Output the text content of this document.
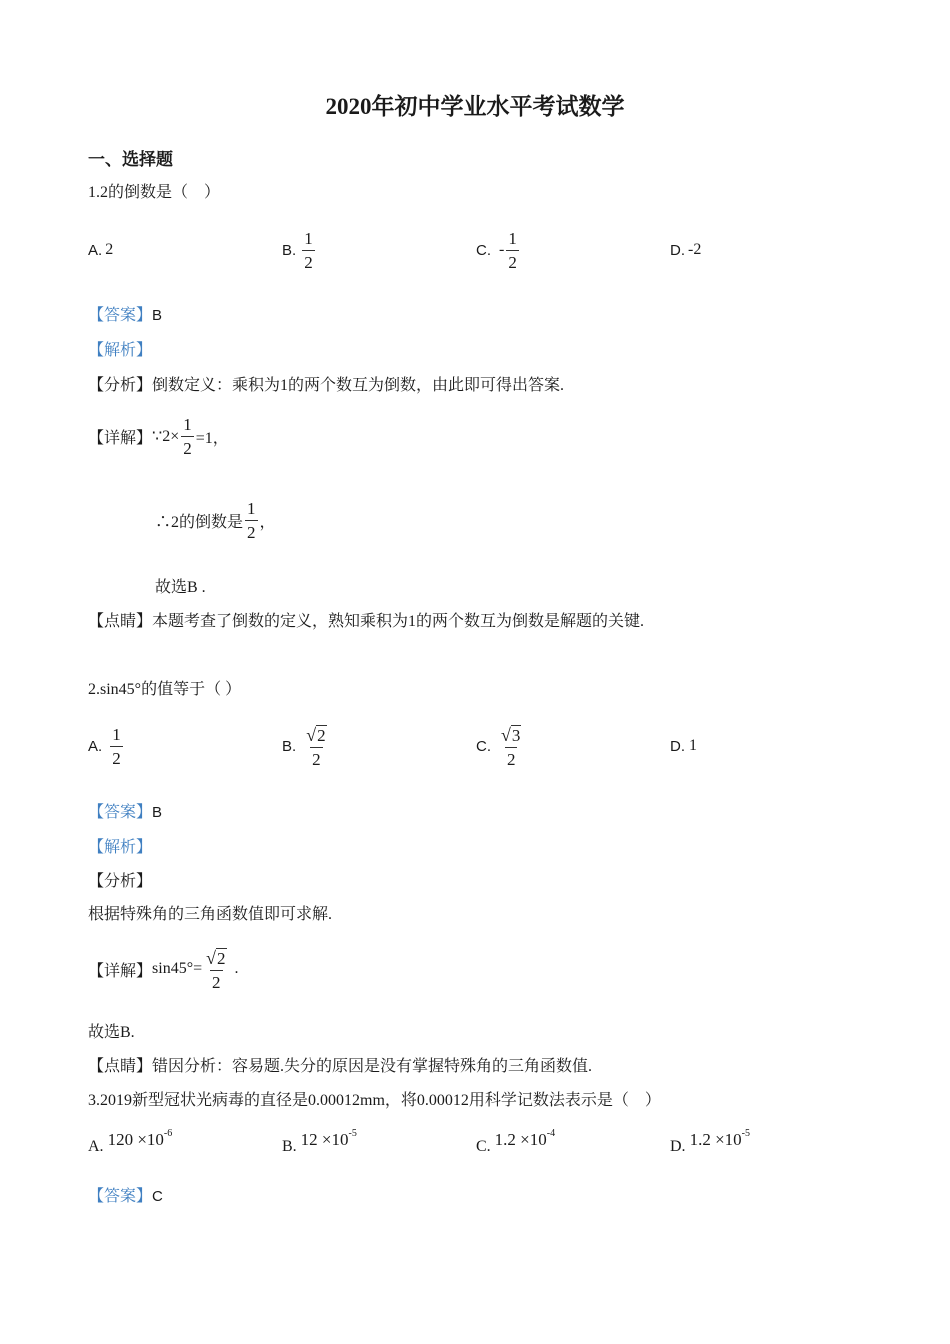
2020年初中学业水平考试数学
一、选择题
1.2的倒数是（　）
A. 2	B. $\frac{1}{2}$	C. - $\frac{1}{2}$	D. -2
【答案】B
【解析】
【分析】倒数定义：乘积为1的两个数互为倒数，由此即可得出答案.
【详解】 ∵2× $\frac{1}{2} =1$，
∴2的倒数是 $\frac{1}{2}$ ，
故选B .
【点睛】本题考查了倒数的定义，熟知乘积为1的两个数互为倒数是解题的关键.
2.sin45°的值等于（ ）
A. $\frac{1}{2}$	B. $\frac{√ 2}{2}$	C. $\frac{√ 3}{2}$	D. 1
【答案】B
【解析】
【分析】
根据特殊角的三角函数值即可求解.
【详解】 $\sin 45^\circ= \frac{√ 2}{2}$ .
故选B.
【点睛】错因分析：容易题.失分的原因是没有掌握特殊角的三角函数值.
3.2019新型冠状光病毒的直径是0.00012mm，将0.00012用科学记数法表示是（　）
A. $120 \times 10^{-6}$
B. $12 \times 10^{-5}$
C. $1.2 \times 10^{-4}$
D. $1.2 \times 10^{-5}$
【答案】C
